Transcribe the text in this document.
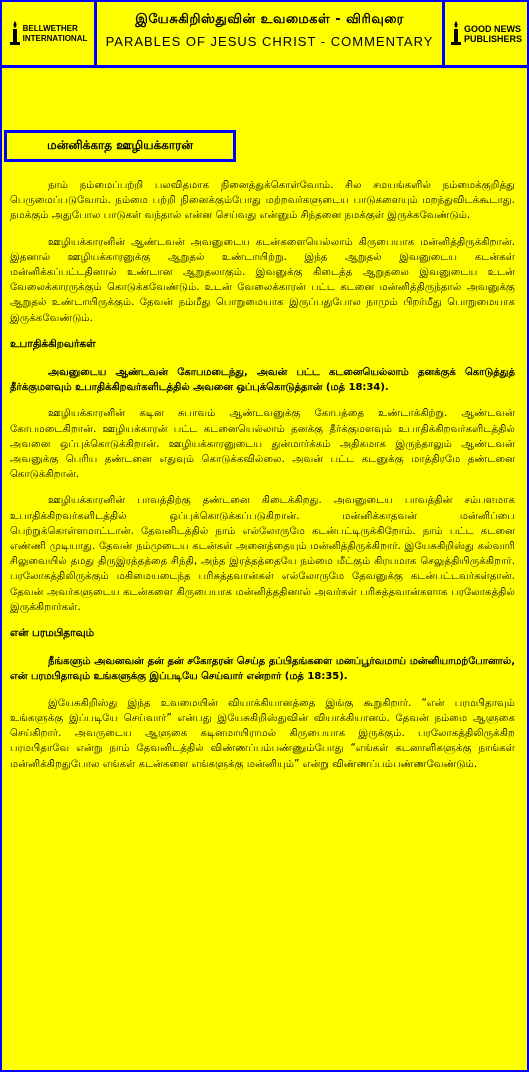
BELLWETHER
INTERNATIONAL
இயேசுகிறிஸ்துவின் உவமைகள் - விரிவுரை
PARABLES OF JESUS CHRIST - COMMENTARY
GOOD NEWS
PUBLISHERS
மன்னிக்காத ஊழியக்காரன்

நாம் நம்மைப்பற்றி பலவிதமாக நினைத்துக்கொள்வோம். சில சமயங்களில் நம்மைக்குறித்து பெருமைப்படுவோம். நம்மை பற்றி நினைக்கும்போது மற்றவர்களுடைய பாடுகளையும் மறந்துவிடக்கூடாது. நமக்கும் அதுபோல பாடுகள் வந்தால் என்ன செய்வது என்னும் சிந்தனை நமக்குள் இருக்கவேண்டும்.

ஊழியக்காரனின் ஆண்டவன் அவனுடைய கடன்களையெல்லாம் கிருபையாக மன்னித்திருக்கிறான். இதனால் ஊழியக்காரனுக்கு ஆறுதல் உண்டாயிற்று. இந்த ஆறுதல் இவனுடைய கடன்கள் மன்னிக்கப்பட்டதினால் உண்டான ஆறுதலாகும். இவனுக்கு கிடைத்த ஆறுதலை இவனுடைய உடன் வேலைக்காரருக்கும் கொடுக்கவேண்டும். உடன் வேலைக்காரன் பட்ட கடனை மன்னித்திருந்தால் அவனுக்கு ஆறுதல் உண்டாயிருக்கும். தேவன் நம்மீது பொறுமையாக இருப்பதுபோல நாமும் பிறர்மீது பொறுமையாக இருக்கவேண்டும்.

உபாதிக்கிறவர்கள்

அவனுடைய ஆண்டவன் கோபமடைந்து, அவன் பட்ட கடனையெல்லாம் தனக்குக் கொடுத்துத் தீர்க்குமளவும் உபாதிக்கிறவர்களிடத்தில் அவனை ஒப்புக்கொடுத்தான் (மத் 18:34).

ஊழியக்காரனின் கடின சுபாவம் ஆண்டவனுக்கு கோபத்தை உண்டாக்கிற்று. ஆண்டவன் கோபமடைகிறான். ஊழியக்காரன் பட்ட கடனையெல்லாம் தனக்கு தீர்க்குமளவும் உபாதிக்கிறவர்களிடத்தில் அவனை ஒப்புக்கொடுக்கிறான். ஊழியக்காரனுடைய துன்மார்க்கம் அதிகமாக இருந்தாலும் ஆண்டவன் அவனுக்கு பெரிய தண்டனை எதுவும் கொடுக்கவில்லை. அவன் பட்ட கடனுக்கு மாத்திரமே தண்டனை கொடுக்கிறான்.

ஊழியக்காரனின் பாவத்திற்கு தண்டனை கிடைக்கிறது. அவனுடைய பாவத்தின் சம்பளமாக உபாதிக்கிறவர்களிடத்தில் ஒப்புக்கொடுக்கப்படுகிறான். மன்னிக்காதவன் மன்னிப்பை பெற்றுக்கொள்ளமாட்டான். தேவனிடத்தில் நாம் எல்லோருமே கடன்பட்டிருக்கிறோம். நாம் பட்ட கடனை எண்ணி முடியாது. தேவன் நம்முடைய கடன்கள் அனைத்தையும் மன்னித்திருக்கிறார். இயேசுகிறிஸ்து கல்வாரி சிலுவையில் தமது திருஇரத்தத்தை சிந்தி, அந்த இரத்தத்தையே நம்மை மீட்கும் கிரயமாக செலுத்தியிருக்கிறார். பரலோகத்திலிருக்கும் மகிமையடைந்த பரிசுத்தவான்கள் எல்லோருமே தேவனுக்கு கடன்பட்டவர்கள்தான். தேவன் அவர்களுடைய கடன்களை கிருபையாக மன்னித்ததினால் அவர்கள் பரிசுத்தவான்களாக பரலோகத்தில் இருக்கிறார்கள்.

என் பரமபிதாவும்

நீங்களும் அவனவன் தன் தன் சகோதரன் செய்த தப்பிதங்களை மனப்பூர்வமாய் மன்னியாமற்போனால், என் பரமபிதாவும் உங்களுக்கு இப்படியே செய்வார் என்றார் (மத் 18:35).

இயேசுகிறிஸ்து இந்த உவமையின் வியாக்கியானத்தை இங்கு கூறுகிறார். “என் பரமபிதாவும் உங்களுக்கு இப்படியே செய்வார்” என்பது இயேசுகிறிஸ்துவின் வியாக்கியானம். தேவன் நம்மை ஆளுகை செய்கிறார். அவருடைய ஆளுகை கடினமாயிராமல் கிருபையாக இருக்கும். பரலோகத்திலிருக்கிற பரமபிதாவே என்று நாம் தேவனிடத்தில் விண்ணப்பம்பண்ணும்போது “எங்கள் கடனாளிகளுக்கு நாங்கள் மன்னிக்கிறதுபோல எங்கள் கடன்களை எங்களுக்கு மன்னியும்” என்று விண்ணப்பம்பண்ணவேண்டும்.
